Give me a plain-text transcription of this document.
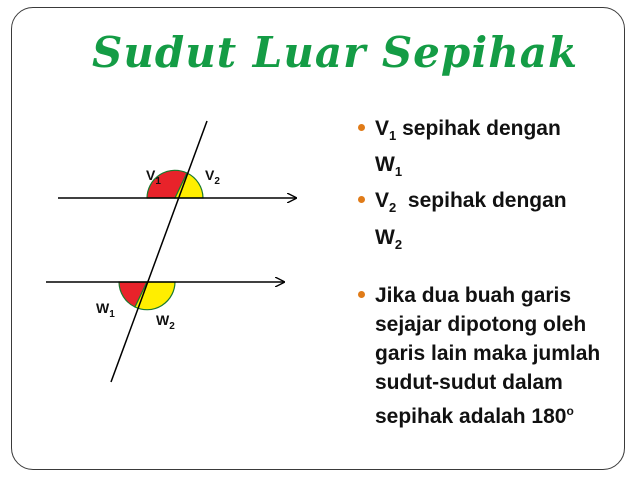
Sudut Luar Sepihak
$V_1$	$V_2$
$W_1$	$W_2$
$V_1$ sepihak dengan
$W_1$
$V_2$  sepihak dengan
$W_2$
Jika dua buah garis sejajar dipotong oleh garis lain maka jumlah sudut-sudut dalam sepihak adalah 180$^o$
